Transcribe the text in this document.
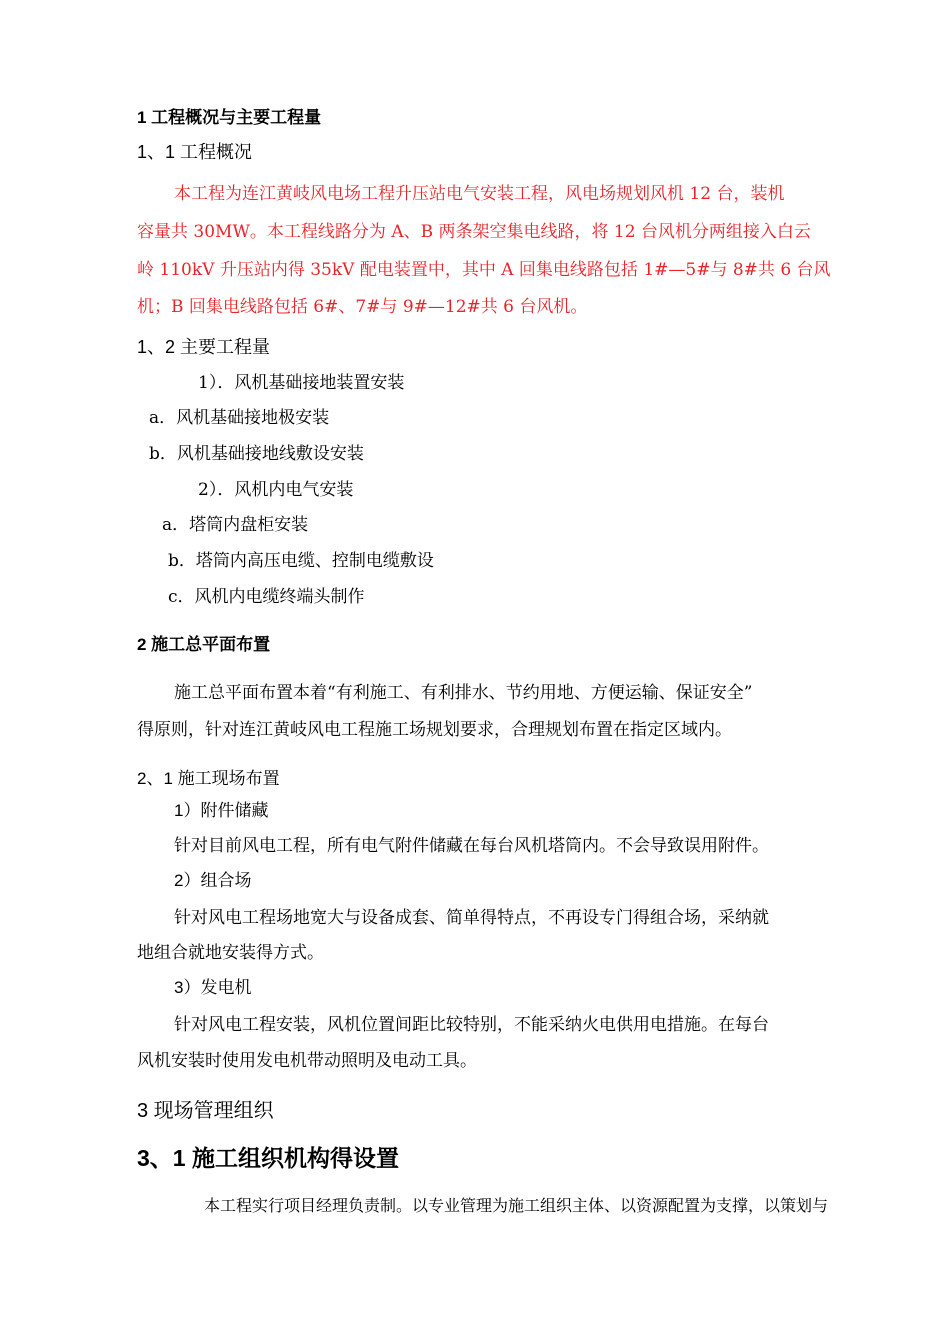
1 工程概况与主要工程量
1、1 工程概况
本工程为连江黄岐风电场工程升压站电气安装工程，风电场规划风机 12 台，装机
容量共 30MW。本工程线路分为 A、B 两条架空集电线路，将 12 台风机分两组接入白云
岭 110kV 升压站内得 35kV 配电装置中，其中 A 回集电线路包括 1#—5#与 8#共 6 台风
机；B 回集电线路包括 6#、7#与 9#—12#共 6 台风机。
1、2 主要工程量
1）．风机基础接地装置安装
a．风机基础接地极安装
b．风机基础接地线敷设安装
2）．风机内电气安装
a．塔筒内盘柜安装
b．塔筒内高压电缆、控制电缆敷设
c．风机内电缆终端头制作
2 施工总平面布置
施工总平面布置本着“有利施工、有利排水、节约用地、方便运输、保证安全”
得原则，针对连江黄岐风电工程施工场规划要求，合理规划布置在指定区域内。
2、1 施工现场布置
1）附件储藏
针对目前风电工程，所有电气附件储藏在每台风机塔筒内。不会导致误用附件。
2）组合场
针对风电工程场地宽大与设备成套、简单得特点，不再设专门得组合场，采纳就
地组合就地安装得方式。
3）发电机
针对风电工程安装，风机位置间距比较特别，不能采纳火电供用电措施。在每台
风机安装时使用发电机带动照明及电动工具。
3 现场管理组织
3、1 施工组织机构得设置
本工程实行项目经理负责制。以专业管理为施工组织主体、以资源配置为支撑，以策划与
